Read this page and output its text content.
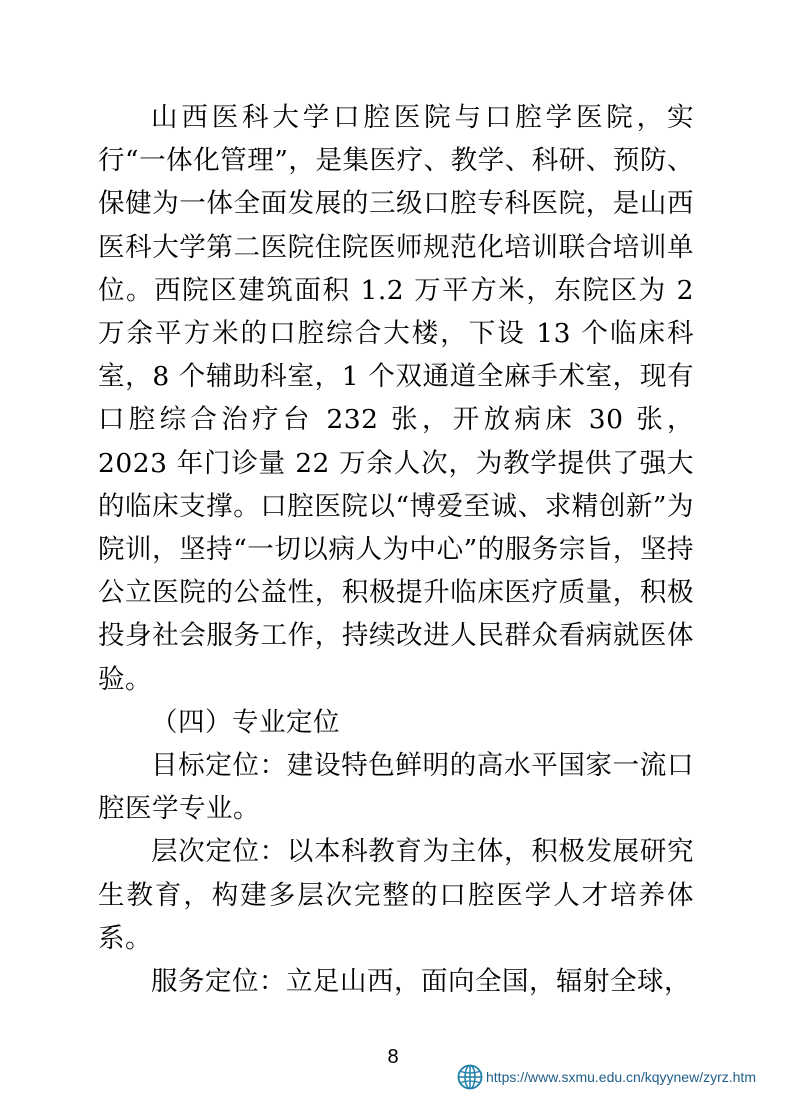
山西医科大学口腔医院与口腔学医院，实行“一体化管理”，是集医疗、教学、科研、预防、保健为一体全面发展的三级口腔专科医院，是山西医科大学第二医院住院医师规范化培训联合培训单位。西院区建筑面积 1.2 万平方米，东院区为 2 万余平方米的口腔综合大楼，下设 13 个临床科室，8 个辅助科室，1 个双通道全麻手术室，现有口腔综合治疗台 232 张，开放病床 30 张，2023 年门诊量 22 万余人次，为教学提供了强大的临床支撑。口腔医院以“博爱至诚、求精创新”为院训，坚持“一切以病人为中心”的服务宗旨，坚持公立医院的公益性，积极提升临床医疗质量，积极投身社会服务工作，持续改进人民群众看病就医体验。

（四）专业定位

目标定位：建设特色鲜明的高水平国家一流口腔医学专业。

层次定位：以本科教育为主体，积极发展研究生教育，构建多层次完整的口腔医学人才培养体系。

服务定位：立足山西，面向全国，辐射全球，

8
https://www.sxmu.edu.cn/kqyynew/zyrz.htm
